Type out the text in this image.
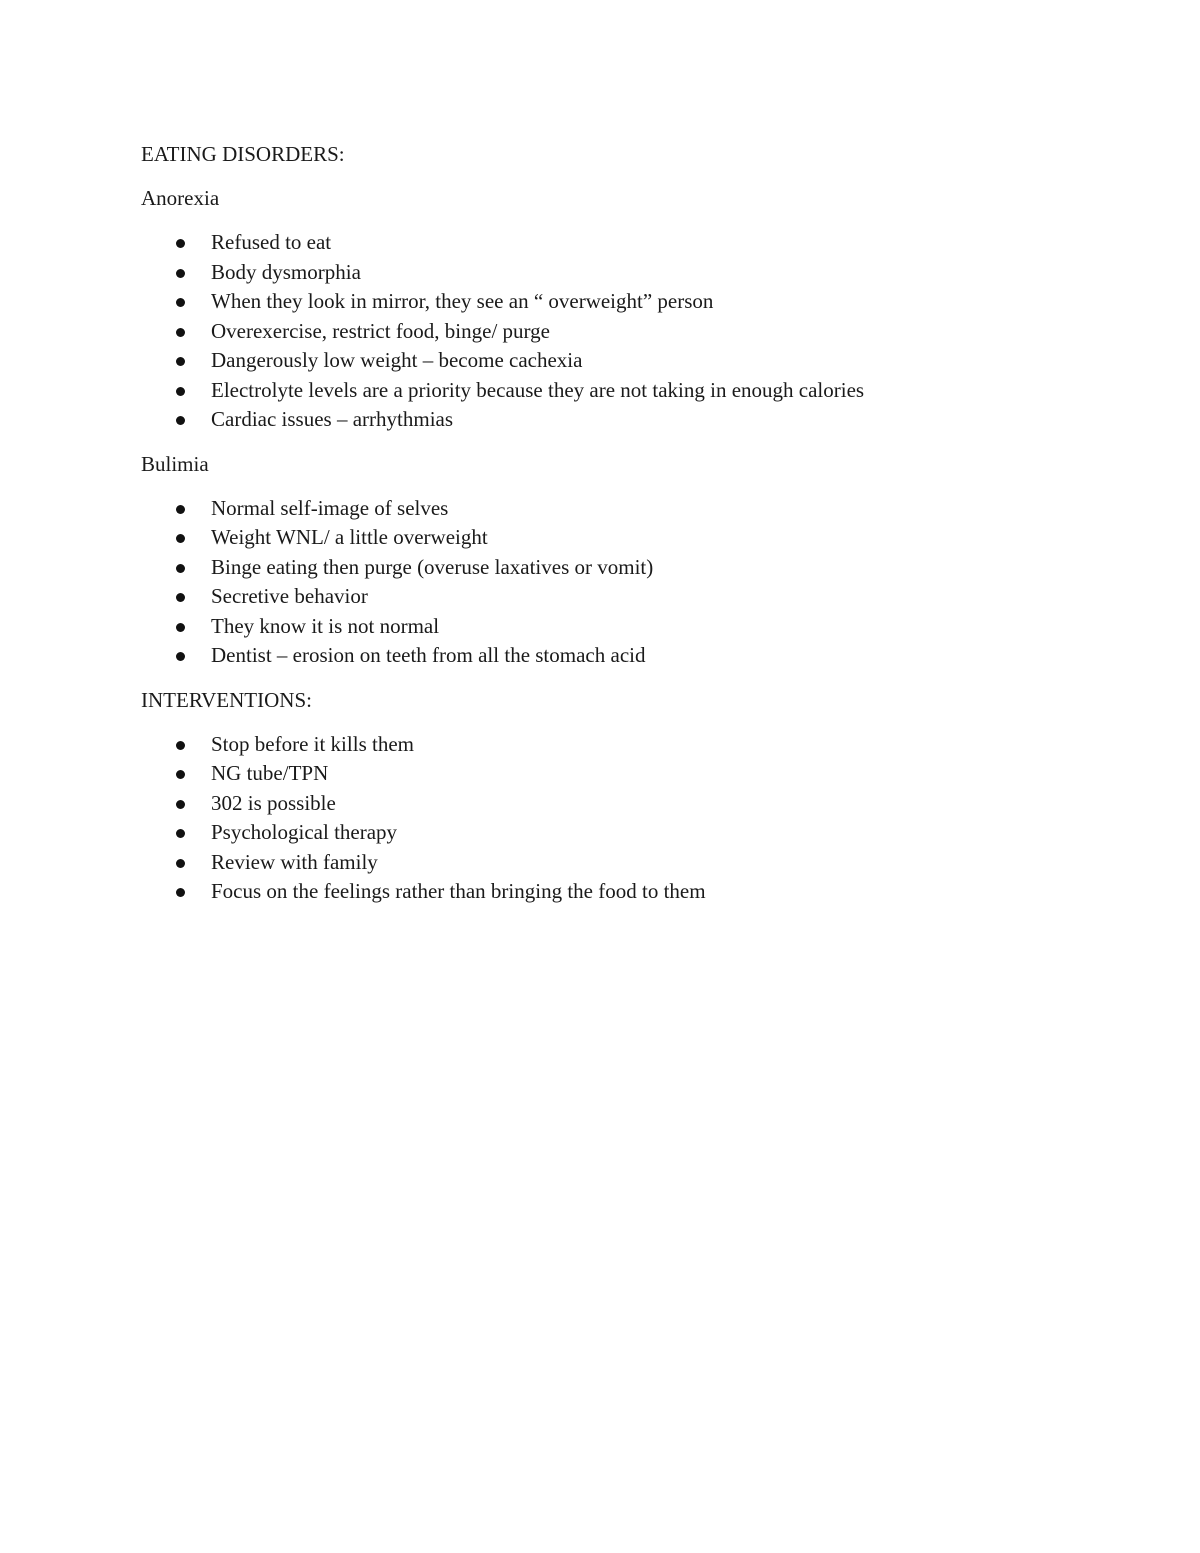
EATING DISORDERS:
Anorexia
Refused to eat
Body dysmorphia
When they look in mirror, they see an “ overweight” person
Overexercise, restrict food, binge/ purge
Dangerously low weight – become cachexia
Electrolyte levels are a priority because they are not taking in enough calories
Cardiac issues – arrhythmias
Bulimia
Normal self-image of selves
Weight WNL/ a little overweight
Binge eating then purge (overuse laxatives or vomit)
Secretive behavior
They know it is not normal
Dentist – erosion on teeth from all the stomach acid
INTERVENTIONS:
Stop before it kills them
NG tube/TPN
302 is possible
Psychological therapy
Review with family
Focus on the feelings rather than bringing the food to them
